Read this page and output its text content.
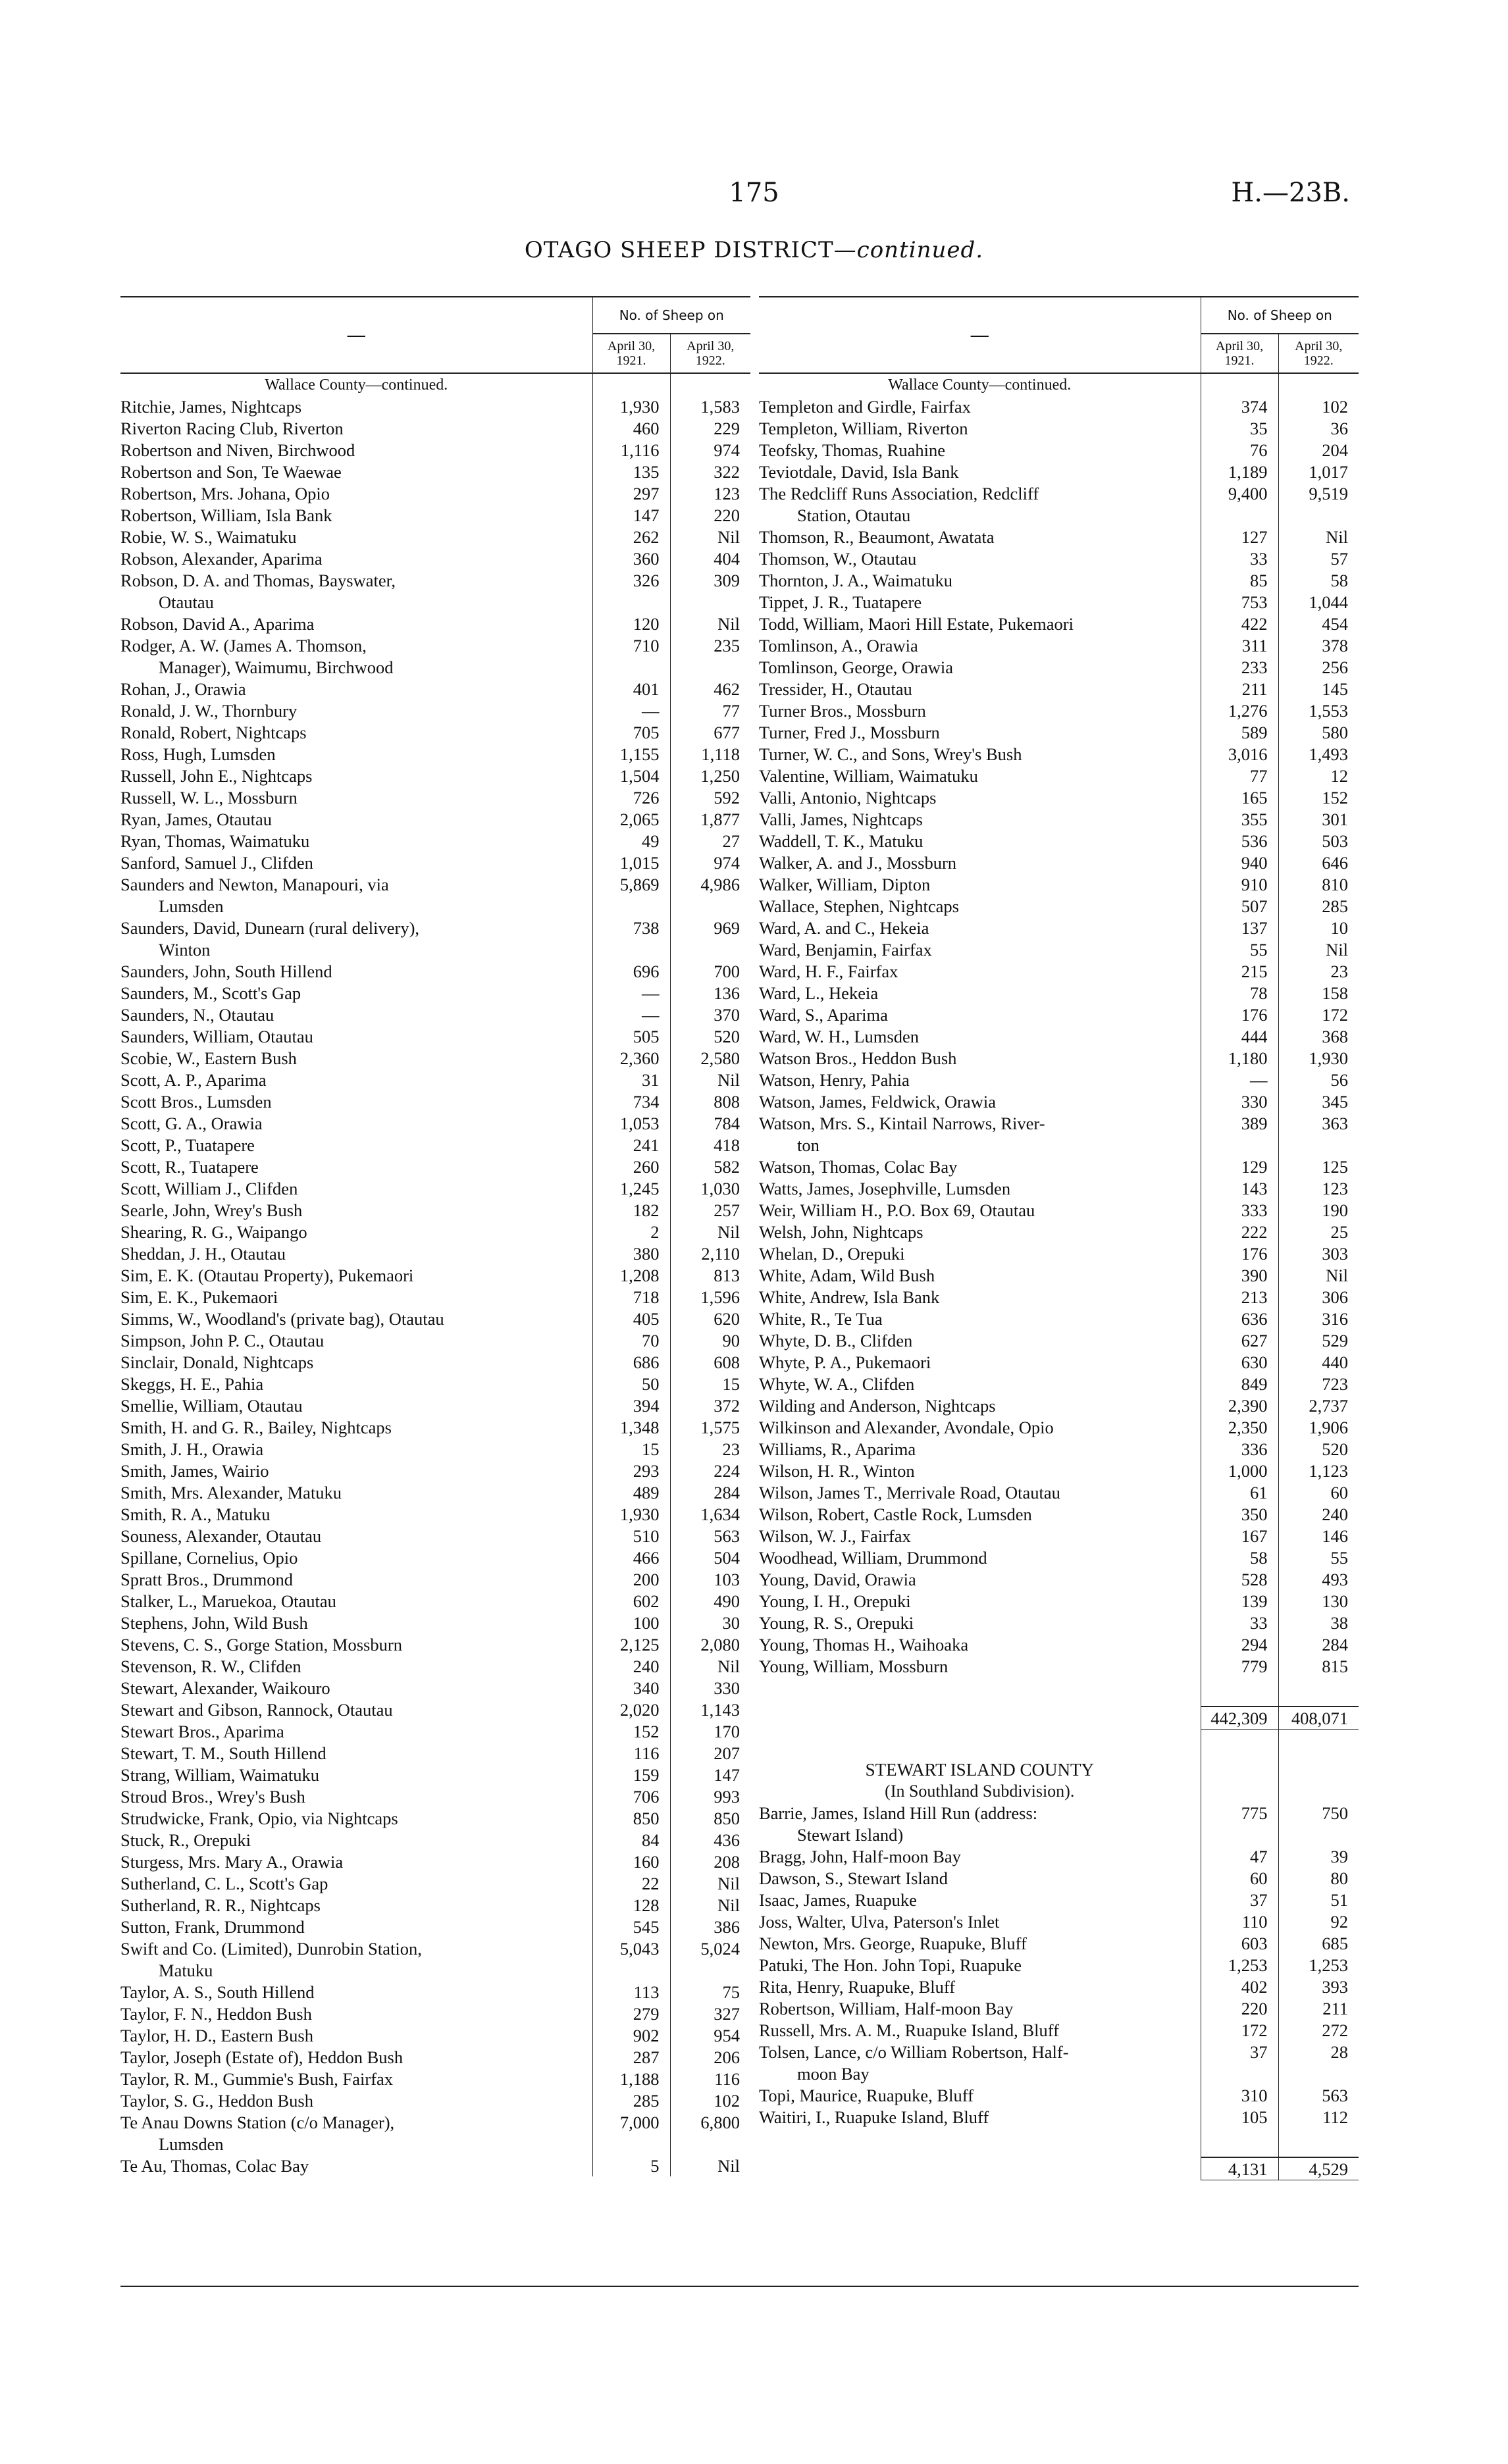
175	H.—23B.
OTAGO SHEEP DISTRICT—continued.
—	No. of Sheep on	
	April 30, 1921.	April 30, 1922.
Wallace County—continued.		
Ritchie, James, Nightcaps	1,930	1,583
Riverton Racing Club, Riverton	460	229
Robertson and Niven, Birchwood	1,116	974
Robertson and Son, Te Waewae	135	322
Robertson, Mrs. Johana, Opio	297	123
Robertson, William, Isla Bank	147	220
Robie, W. S., Waimatuku	262	Nil
Robson, Alexander, Aparima	360	404
Robson, D. A. and Thomas, Bayswater,	326	309
Otautau		
Robson, David A., Aparima	120	Nil
Rodger, A. W. (James A. Thomson,	710	235
Manager), Waimumu, Birchwood		
Rohan, J., Orawia	401	462
Ronald, J. W., Thornbury	—	77
Ronald, Robert, Nightcaps	705	677
Ross, Hugh, Lumsden	1,155	1,118
Russell, John E., Nightcaps	1,504	1,250
Russell, W. L., Mossburn	726	592
Ryan, James, Otautau	2,065	1,877
Ryan, Thomas, Waimatuku	49	27
Sanford, Samuel J., Clifden	1,015	974
Saunders and Newton, Manapouri, via	5,869	4,986
Lumsden		
Saunders, David, Dunearn (rural delivery),	738	969
Winton		
Saunders, John, South Hillend	696	700
Saunders, M., Scott's Gap	—	136
Saunders, N., Otautau	—	370
Saunders, William, Otautau	505	520
Scobie, W., Eastern Bush	2,360	2,580
Scott, A. P., Aparima	31	Nil
Scott Bros., Lumsden	734	808
Scott, G. A., Orawia	1,053	784
Scott, P., Tuatapere	241	418
Scott, R., Tuatapere	260	582
Scott, William J., Clifden	1,245	1,030
Searle, John, Wrey's Bush	182	257
Shearing, R. G., Waipango	2	Nil
Sheddan, J. H., Otautau	380	2,110
Sim, E. K. (Otautau Property), Pukemaori	1,208	813
Sim, E. K., Pukemaori	718	1,596
Simms, W., Woodland's (private bag), Otautau	405	620
Simpson, John P. C., Otautau	70	90
Sinclair, Donald, Nightcaps	686	608
Skeggs, H. E., Pahia	50	15
Smellie, William, Otautau	394	372
Smith, H. and G. R., Bailey, Nightcaps	1,348	1,575
Smith, J. H., Orawia	15	23
Smith, James, Wairio	293	224
Smith, Mrs. Alexander, Matuku	489	284
Smith, R. A., Matuku	1,930	1,634
Souness, Alexander, Otautau	510	563
Spillane, Cornelius, Opio	466	504
Spratt Bros., Drummond	200	103
Stalker, L., Maruekoa, Otautau	602	490
Stephens, John, Wild Bush	100	30
Stevens, C. S., Gorge Station, Mossburn	2,125	2,080
Stevenson, R. W., Clifden	240	Nil
Stewart, Alexander, Waikouro	340	330
Stewart and Gibson, Rannock, Otautau	2,020	1,143
Stewart Bros., Aparima	152	170
Stewart, T. M., South Hillend	116	207
Strang, William, Waimatuku	159	147
Stroud Bros., Wrey's Bush	706	993
Strudwicke, Frank, Opio, via Nightcaps	850	850
Stuck, R., Orepuki	84	436
Sturgess, Mrs. Mary A., Orawia	160	208
Sutherland, C. L., Scott's Gap	22	Nil
Sutherland, R. R., Nightcaps	128	Nil
Sutton, Frank, Drummond	545	386
Swift and Co. (Limited), Dunrobin Station,	5,043	5,024
Matuku		
Taylor, A. S., South Hillend	113	75
Taylor, F. N., Heddon Bush	279	327
Taylor, H. D., Eastern Bush	902	954
Taylor, Joseph (Estate of), Heddon Bush	287	206
Taylor, R. M., Gummie's Bush, Fairfax	1,188	116
Taylor, S. G., Heddon Bush	285	102
Te Anau Downs Station (c/o Manager),	7,000	6,800
Lumsden		
Te Au, Thomas, Colac Bay	5	Nil
—	No. of Sheep on	
	April 30, 1921.	April 30, 1922.
Wallace County—continued.		
Templeton and Girdle, Fairfax	374	102
Templeton, William, Riverton	35	36
Teofsky, Thomas, Ruahine	76	204
Teviotdale, David, Isla Bank	1,189	1,017
The Redcliff Runs Association, Redcliff	9,400	9,519
Station, Otautau		
Thomson, R., Beaumont, Awatata	127	Nil
Thomson, W., Otautau	33	57
Thornton, J. A., Waimatuku	85	58
Tippet, J. R., Tuatapere	753	1,044
Todd, William, Maori Hill Estate, Pukemaori	422	454
Tomlinson, A., Orawia	311	378
Tomlinson, George, Orawia	233	256
Tressider, H., Otautau	211	145
Turner Bros., Mossburn	1,276	1,553
Turner, Fred J., Mossburn	589	580
Turner, W. C., and Sons, Wrey's Bush	3,016	1,493
Valentine, William, Waimatuku	77	12
Valli, Antonio, Nightcaps	165	152
Valli, James, Nightcaps	355	301
Waddell, T. K., Matuku	536	503
Walker, A. and J., Mossburn	940	646
Walker, William, Dipton	910	810
Wallace, Stephen, Nightcaps	507	285
Ward, A. and C., Hekeia	137	10
Ward, Benjamin, Fairfax	55	Nil
Ward, H. F., Fairfax	215	23
Ward, L., Hekeia	78	158
Ward, S., Aparima	176	172
Ward, W. H., Lumsden	444	368
Watson Bros., Heddon Bush	1,180	1,930
Watson, Henry, Pahia	—	56
Watson, James, Feldwick, Orawia	330	345
Watson, Mrs. S., Kintail Narrows, River-	389	363
ton		
Watson, Thomas, Colac Bay	129	125
Watts, James, Josephville, Lumsden	143	123
Weir, William H., P.O. Box 69, Otautau	333	190
Welsh, John, Nightcaps	222	25
Whelan, D., Orepuki	176	303
White, Adam, Wild Bush	390	Nil
White, Andrew, Isla Bank	213	306
White, R., Te Tua	636	316
Whyte, D. B., Clifden	627	529
Whyte, P. A., Pukemaori	630	440
Whyte, W. A., Clifden	849	723
Wilding and Anderson, Nightcaps	2,390	2,737
Wilkinson and Alexander, Avondale, Opio	2,350	1,906
Williams, R., Aparima	336	520
Wilson, H. R., Winton	1,000	1,123
Wilson, James T., Merrivale Road, Otautau	61	60
Wilson, Robert, Castle Rock, Lumsden	350	240
Wilson, W. J., Fairfax	167	146
Woodhead, William, Drummond	58	55
Young, David, Orawia	528	493
Young, I. H., Orepuki	139	130
Young, R. S., Orepuki	33	38
Young, Thomas H., Waihoaka	294	284
Young, William, Mossburn	779	815

	442,309	408,071

STEWART ISLAND COUNTY		
(In Southland Subdivision).		
Barrie, James, Island Hill Run (address:	775	750
Stewart Island)		
Bragg, John, Half-moon Bay	47	39
Dawson, S., Stewart Island	60	80
Isaac, James, Ruapuke	37	51
Joss, Walter, Ulva, Paterson's Inlet	110	92
Newton, Mrs. George, Ruapuke, Bluff	603	685
Patuki, The Hon. John Topi, Ruapuke	1,253	1,253
Rita, Henry, Ruapuke, Bluff	402	393
Robertson, William, Half-moon Bay	220	211
Russell, Mrs. A. M., Ruapuke Island, Bluff	172	272
Tolsen, Lance, c/o William Robertson, Half-	37	28
moon Bay		
Topi, Maurice, Ruapuke, Bluff	310	563
Waitiri, I., Ruapuke Island, Bluff	105	112

	4,131	4,529
